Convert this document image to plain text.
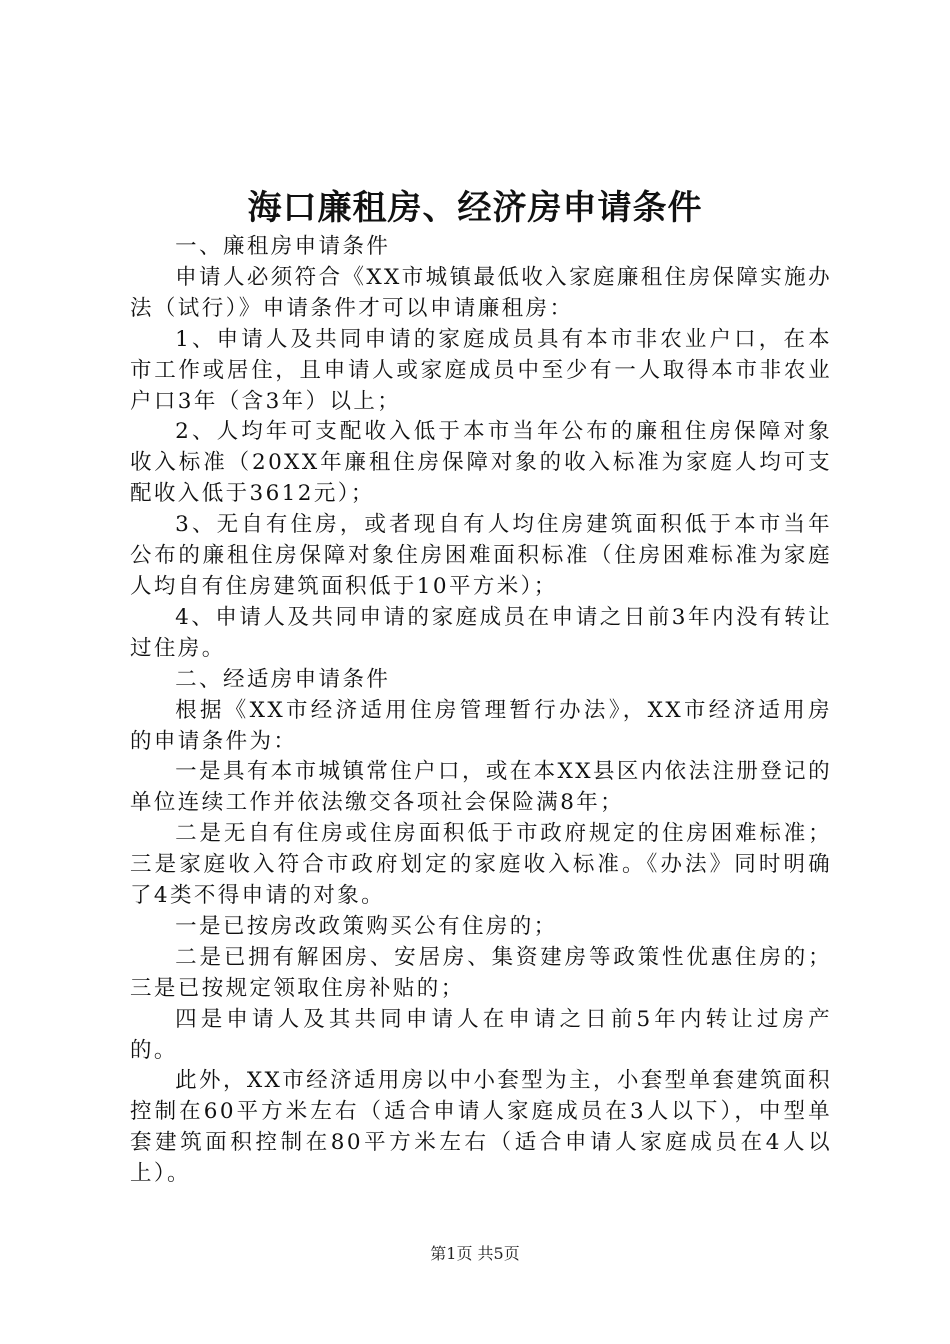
海口廉租房、经济房申请条件

一、廉租房申请条件

申请人必须符合《XX市城镇最低收入家庭廉租住房保障实施办法（试行）》申请条件才可以申请廉租房：

1、申请人及共同申请的家庭成员具有本市非农业户口，在本市工作或居住，且申请人或家庭成员中至少有一人取得本市非农业户口3年（含3年）以上；

2、人均年可支配收入低于本市当年公布的廉租住房保障对象收入标准（20XX年廉租住房保障对象的收入标准为家庭人均可支配收入低于3612元）；

3、无自有住房，或者现自有人均住房建筑面积低于本市当年公布的廉租住房保障对象住房困难面积标准（住房困难标准为家庭人均自有住房建筑面积低于10平方米）；

4、申请人及共同申请的家庭成员在申请之日前3年内没有转让过住房。

二、经适房申请条件

根据《XX市经济适用住房管理暂行办法》，XX市经济适用房的申请条件为：

一是具有本市城镇常住户口，或在本XX县区内依法注册登记的单位连续工作并依法缴交各项社会保险满8年；

二是无自有住房或住房面积低于市政府规定的住房困难标准；三是家庭收入符合市政府划定的家庭收入标准。《办法》同时明确了4类不得申请的对象。

一是已按房改政策购买公有住房的；

二是已拥有解困房、安居房、集资建房等政策性优惠住房的；三是已按规定领取住房补贴的；

四是申请人及其共同申请人在申请之日前5年内转让过房产的。

此外，XX市经济适用房以中小套型为主，小套型单套建筑面积控制在60平方米左右（适合申请人家庭成员在3人以下），中型单套建筑面积控制在80平方米左右（适合申请人家庭成员在4人以上）。

第1页 共5页
